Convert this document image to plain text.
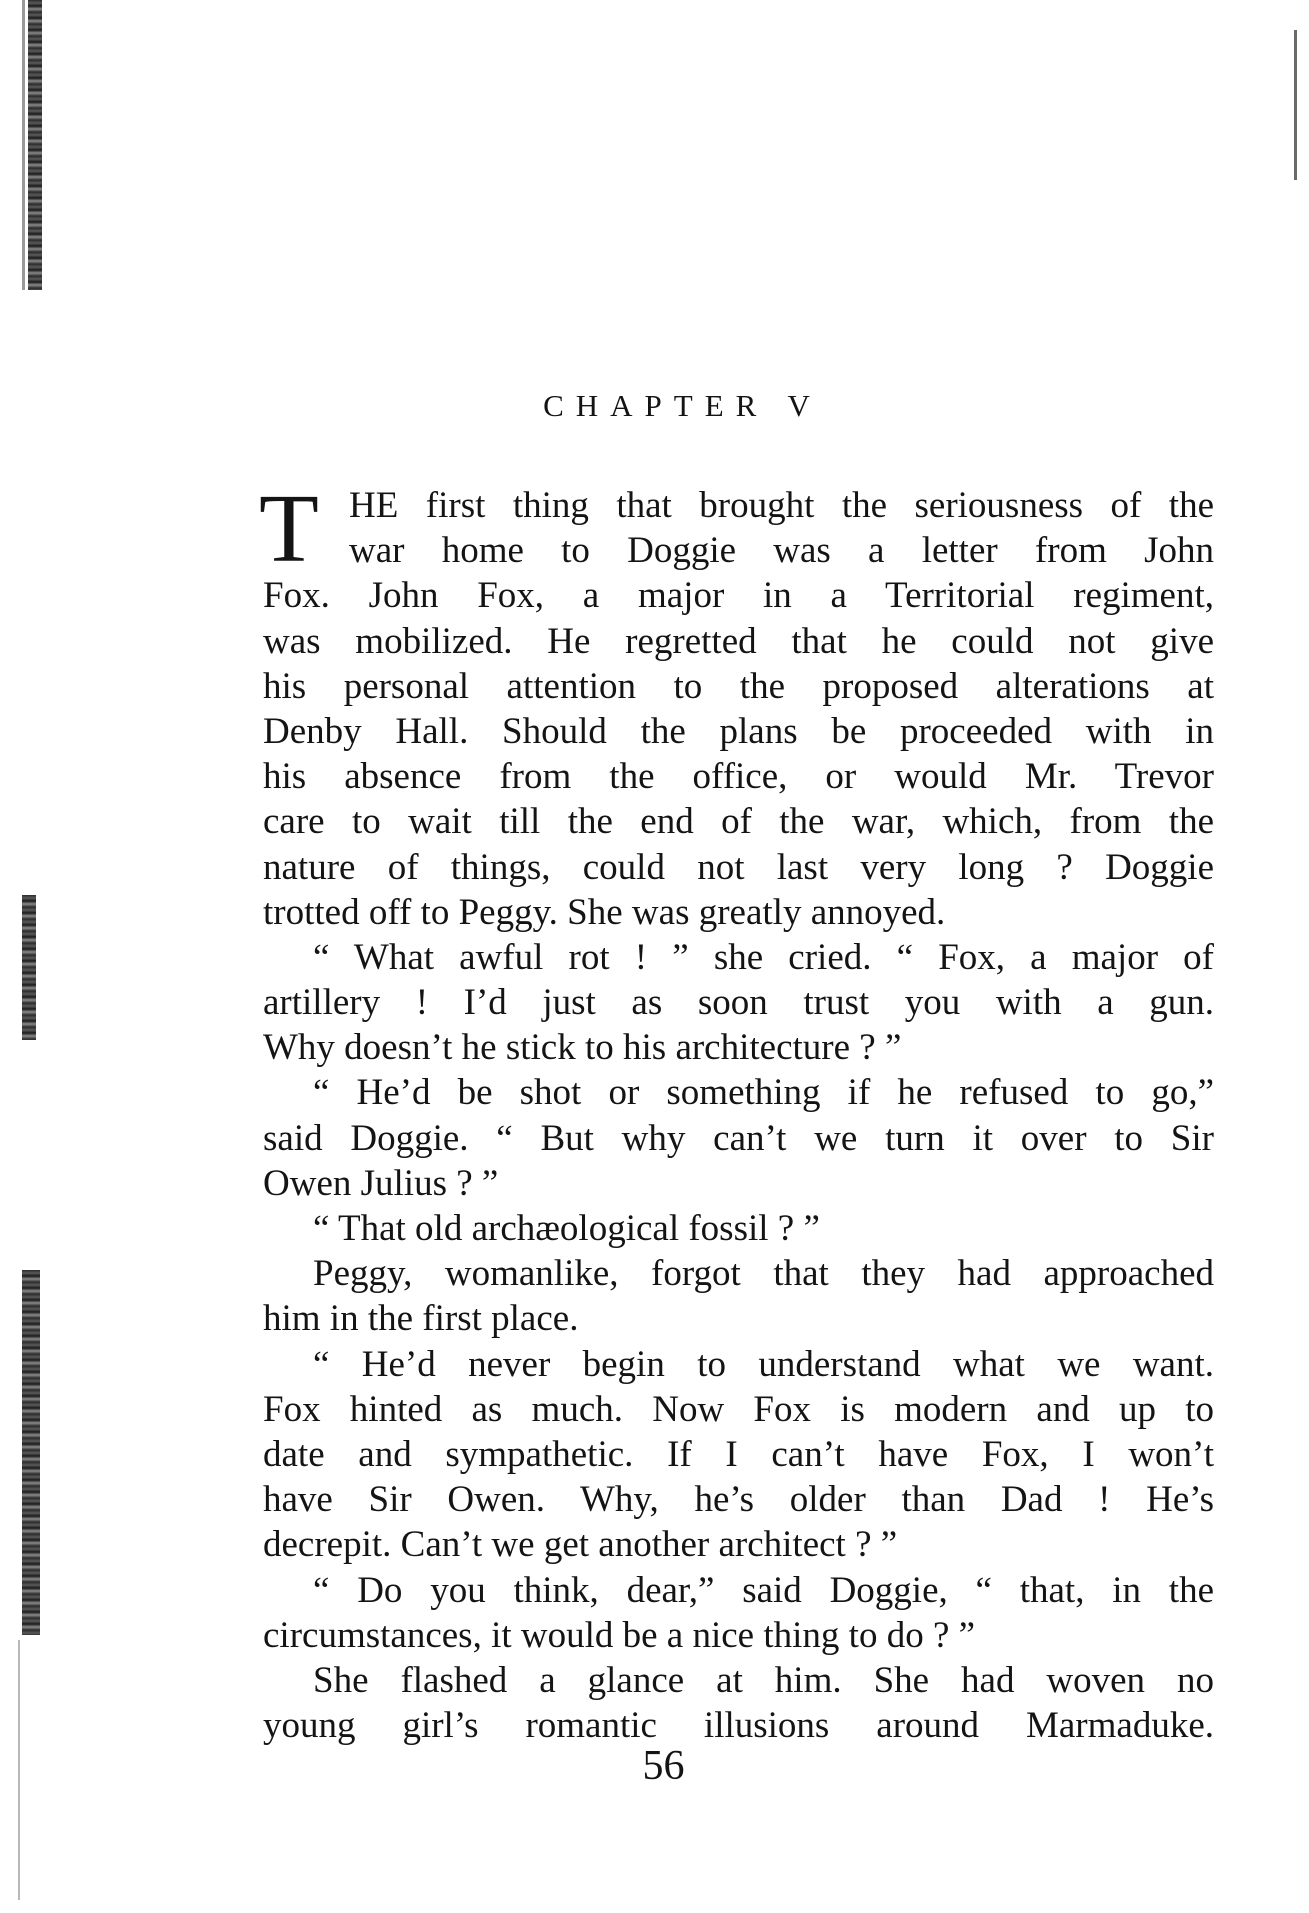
CHAPTER V
T HE first thing that brought the seriousness of the
war home to Doggie was a letter from John
Fox. John Fox, a major in a Territorial regiment,
was mobilized. He regretted that he could not give
his personal attention to the proposed alterations at
Denby Hall. Should the plans be proceeded with in
his absence from the office, or would Mr. Trevor
care to wait till the end of the war, which, from the
nature of things, could not last very long ? Doggie
trotted off to Peggy. She was greatly annoyed.
“ What awful rot ! ” she cried. “ Fox, a major of
artillery ! I’d just as soon trust you with a gun.
Why doesn’t he stick to his architecture ? ”
“ He’d be shot or something if he refused to go,”
said Doggie. “ But why can’t we turn it over to Sir
Owen Julius ? ”
“ That old archæological fossil ? ”
Peggy, womanlike, forgot that they had approached
him in the first place.
“ He’d never begin to understand what we want.
Fox hinted as much. Now Fox is modern and up to
date and sympathetic. If I can’t have Fox, I won’t
have Sir Owen. Why, he’s older than Dad ! He’s
decrepit. Can’t we get another architect ? ”
“ Do you think, dear,” said Doggie, “ that, in the
circumstances, it would be a nice thing to do ? ”
She flashed a glance at him. She had woven no
young girl’s romantic illusions around Marmaduke.
56
